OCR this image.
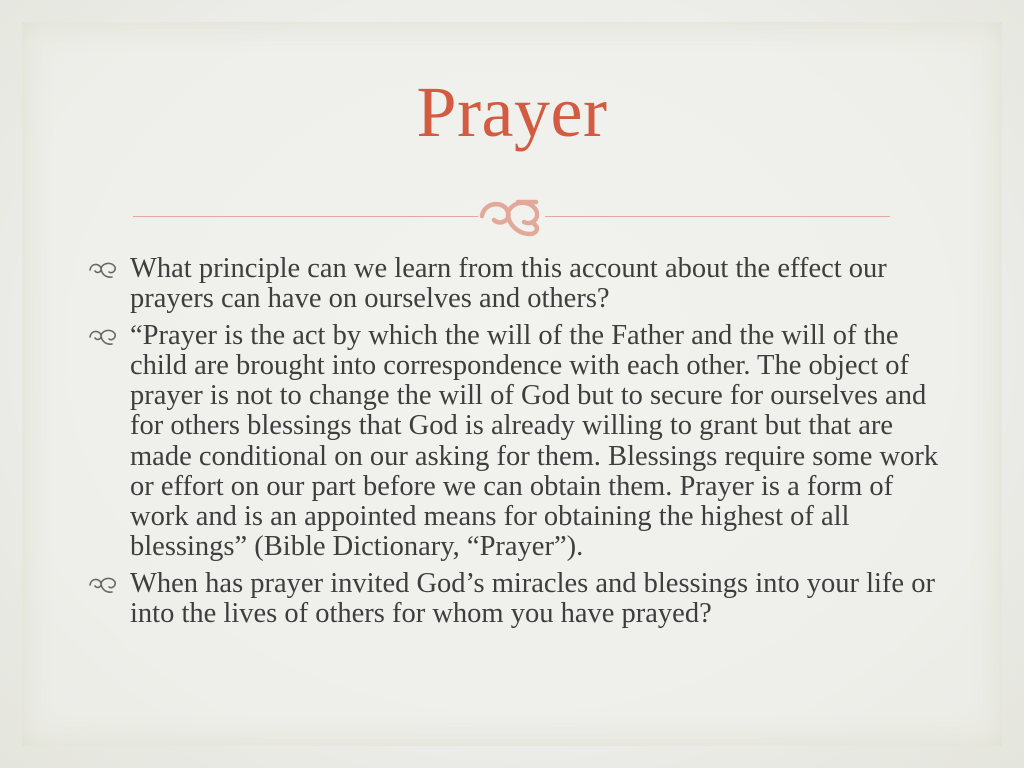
Prayer
What principle can we learn from this account about the effect our prayers can have on ourselves and others?
“Prayer is the act by which the will of the Father and the will of the child are brought into correspondence with each other. The object of prayer is not to change the will of God but to secure for ourselves and for others blessings that God is already willing to grant but that are made conditional on our asking for them. Blessings require some work or effort on our part before we can obtain them. Prayer is a form of work and is an appointed means for obtaining the highest of all blessings” (Bible Dictionary, “Prayer”).
When has prayer invited God’s miracles and blessings into your life or into the lives of others for whom you have prayed?
